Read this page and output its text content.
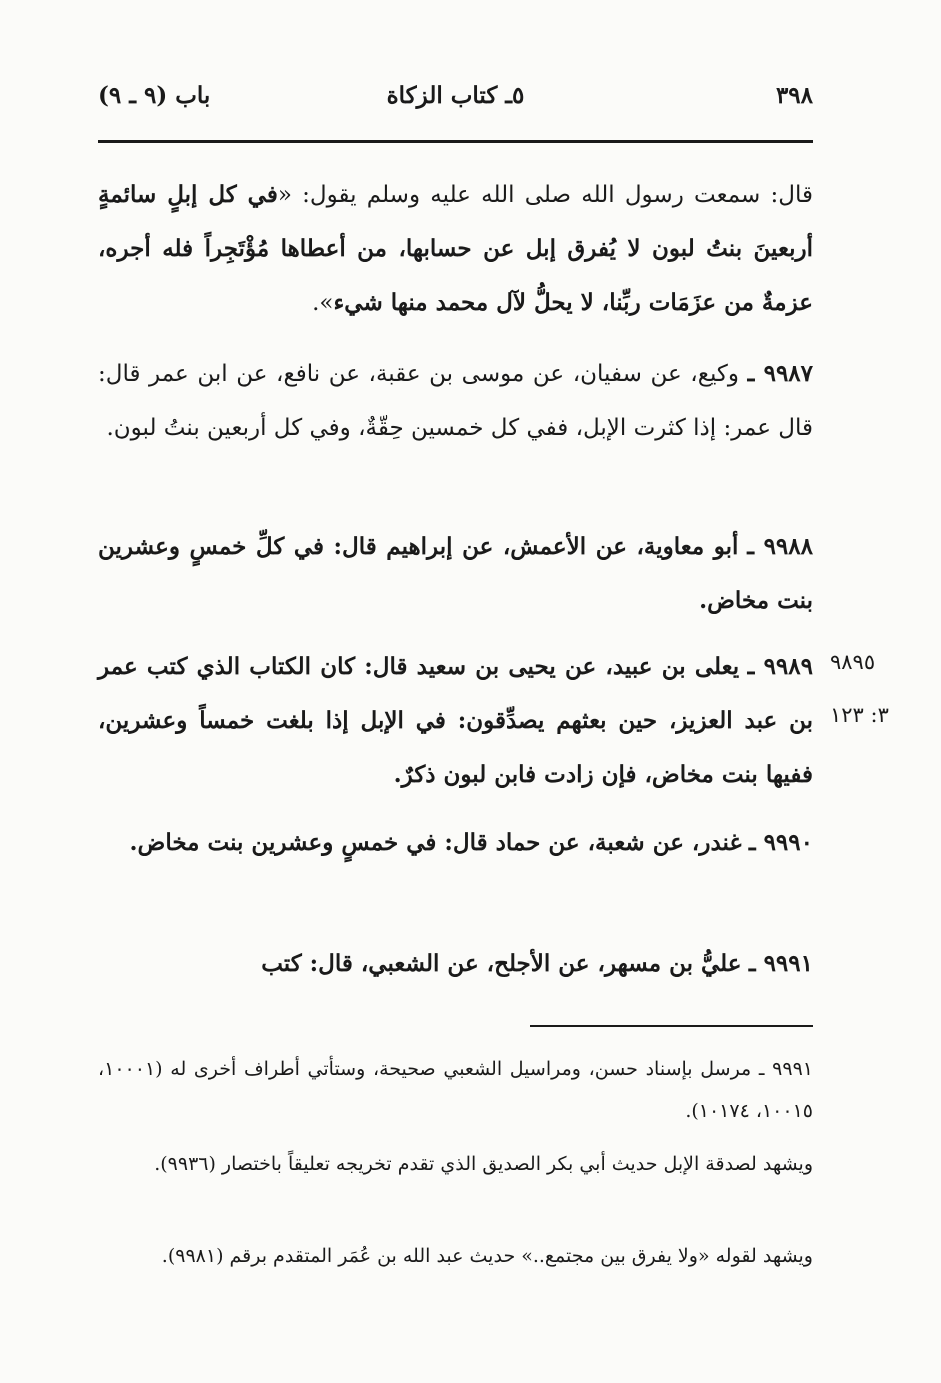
٣٩٨
٥ـ كتاب الزكاة
باب (٩ ـ ٩)

قال: سمعت رسول الله صلى الله عليه وسلم يقول: «في كل إبلٍ سائمةٍ أربعينَ بنتُ لبون لا يُفرق إبل عن حسابها، من أعطاها مُؤْتَجِراً فله أجره، عزمةٌ من عزَمَات ربِّنا، لا يحلُّ لآل محمد منها شيء».

٩٩٨٧ ـ وكيع، عن سفيان، عن موسى بن عقبة، عن نافع، عن ابن عمر قال: قال عمر: إذا كثرت الإبل، ففي كل خمسين حِقّةٌ، وفي كل أربعين بنتُ لبون.

٩٩٨٨ ـ أبو معاوية، عن الأعمش، عن إبراهيم قال: في كلِّ خمسٍ وعشرين بنت مخاض.

٩٩٨٩ ـ يعلى بن عبيد، عن يحيى بن سعيد قال: كان الكتاب الذي كتب عمر بن عبد العزيز، حين بعثهم يصدِّقون: في الإبل إذا بلغت خمساً وعشرين، ففيها بنت مخاض، فإن زادت فابن لبون ذكرٌ.

٩٨٩٥
٣: ١٢٣

٩٩٩٠ ـ غندر، عن شعبة، عن حماد قال: في خمسٍ وعشرين بنت مخاض.

٩٩٩١ ـ عليُّ بن مسهر، عن الأجلح، عن الشعبي، قال: كتب

٩٩٩١ ـ مرسل بإسناد حسن، ومراسيل الشعبي صحيحة، وستأتي أطراف أخرى له (١٠٠٠١، ١٠٠١٥، ١٠١٧٤).
ويشهد لصدقة الإبل حديث أبي بكر الصديق الذي تقدم تخريجه تعليقاً باختصار (٩٩٣٦).
ويشهد لقوله «ولا يفرق بين مجتمع..» حديث عبد الله بن عُمَر المتقدم برقم (٩٩٨١).
